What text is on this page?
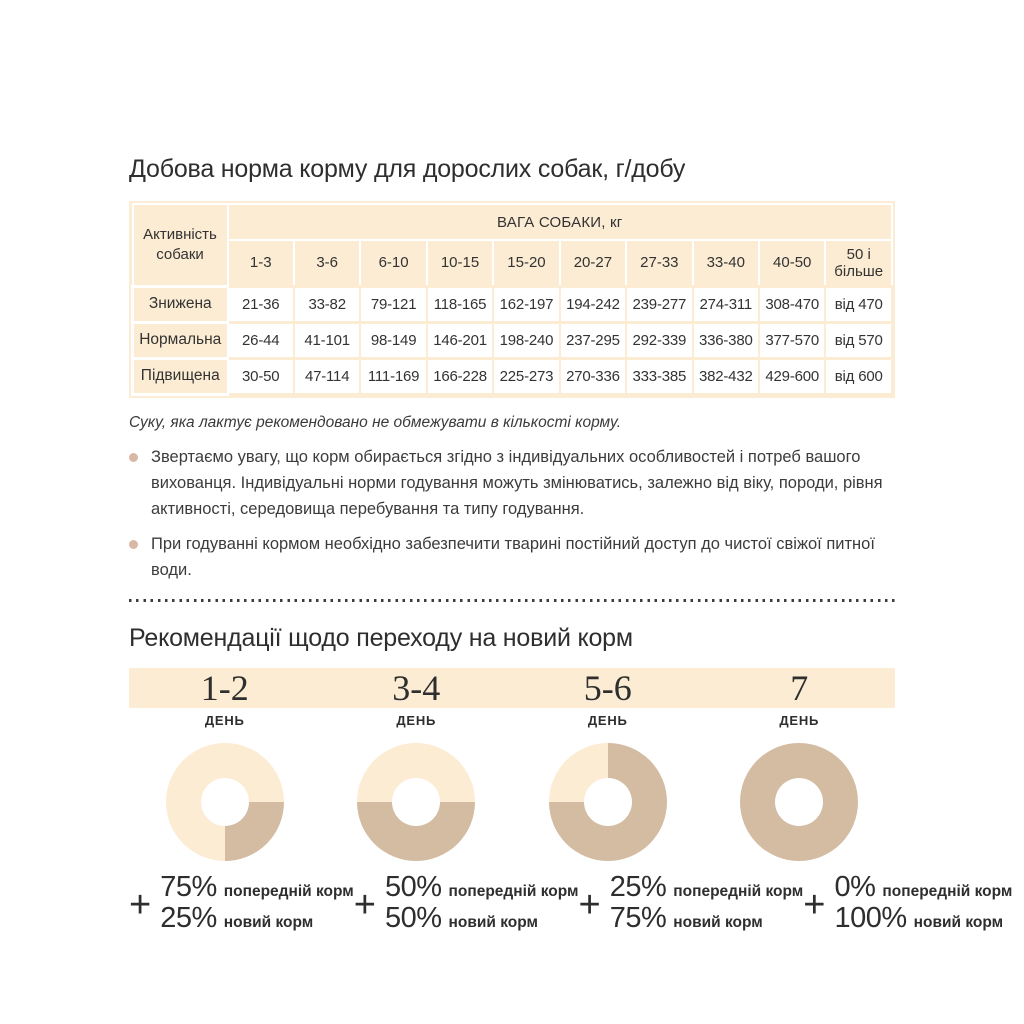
Добова норма корму для дорослих собак, г/добу
Активність собаки	ВАГА СОБАКИ, кг									
	1-3	3-6	6-10	10-15	15-20	20-27	27-33	33-40	40-50	50 і більше
Знижена	21-36	33-82	79-121	118-165	162-197	194-242	239-277	274-311	308-470	від 470
Нормальна	26-44	41-101	98-149	146-201	198-240	237-295	292-339	336-380	377-570	від 570
Підвищена	30-50	47-114	111-169	166-228	225-273	270-336	333-385	382-432	429-600	від 600

Суку, яка лактує рекомендовано не обмежувати в кількості корму.

Звертаємо увагу, що корм обирається згідно з індивідуальних особливостей і потреб вашого вихованця. Індивідуальні норми годування можуть змінюватись, залежно від віку, породи, рівня активності, середовища перебування та типу годування.
При годуванні кормом необхідно забезпечити тварині постійний доступ до чистої свіжої питної води.
Рекомендації щодо переходу на новий корм
1-2	3-4	5-6	7
ДЕНЬ	ДЕНЬ	ДЕНЬ	ДЕНЬ
+ 75% попередній корм
25% новий корм + 50% попередній корм
50% новий корм + 25% попередній корм
75% новий корм + 0% попередній корм
100% новий корм
